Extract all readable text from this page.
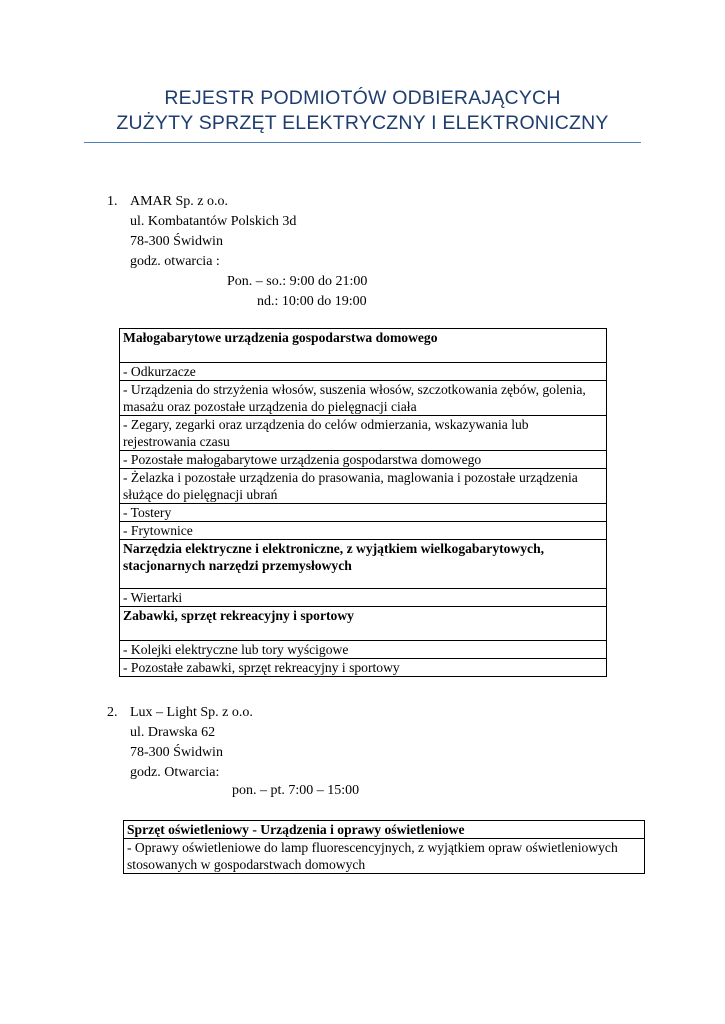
REJESTR PODMIOTÓW ODBIERAJĄCYCH
ZUŻYTY SPRZĘT ELEKTRYCZNY I ELEKTRONICZNY
1. AMAR Sp. z o.o.
ul. Kombatantów Polskich 3d
78-300 Świdwin
godz. otwarcia :
Pon. – so.: 9:00 do 21:00
nd.: 10:00 do 19:00
Małogabarytowe urządzenia gospodarstwa domowego
- Odkurzacze
- Urządzenia do strzyżenia włosów, suszenia włosów, szczotkowania zębów, golenia, masażu oraz pozostałe urządzenia do pielęgnacji ciała
- Zegary, zegarki oraz urządzenia do celów odmierzania, wskazywania lub rejestrowania czasu
- Pozostałe małogabarytowe urządzenia gospodarstwa domowego
- Żelazka i pozostałe urządzenia do prasowania, maglowania i pozostałe urządzenia służące do pielęgnacji ubrań
- Tostery
- Frytownice
Narzędzia elektryczne i elektroniczne, z wyjątkiem wielkogabarytowych, stacjonarnych narzędzi przemysłowych
- Wiertarki
Zabawki, sprzęt rekreacyjny i sportowy
- Kolejki elektryczne lub tory wyścigowe
- Pozostałe zabawki, sprzęt rekreacyjny i sportowy
2. Lux – Light Sp. z o.o.
ul. Drawska 62
78-300 Świdwin
godz. Otwarcia:
pon. – pt. 7:00 – 15:00
Sprzęt oświetleniowy - Urządzenia i oprawy oświetleniowe
- Oprawy oświetleniowe do lamp fluorescencyjnych, z wyjątkiem opraw oświetleniowych stosowanych w gospodarstwach domowych
